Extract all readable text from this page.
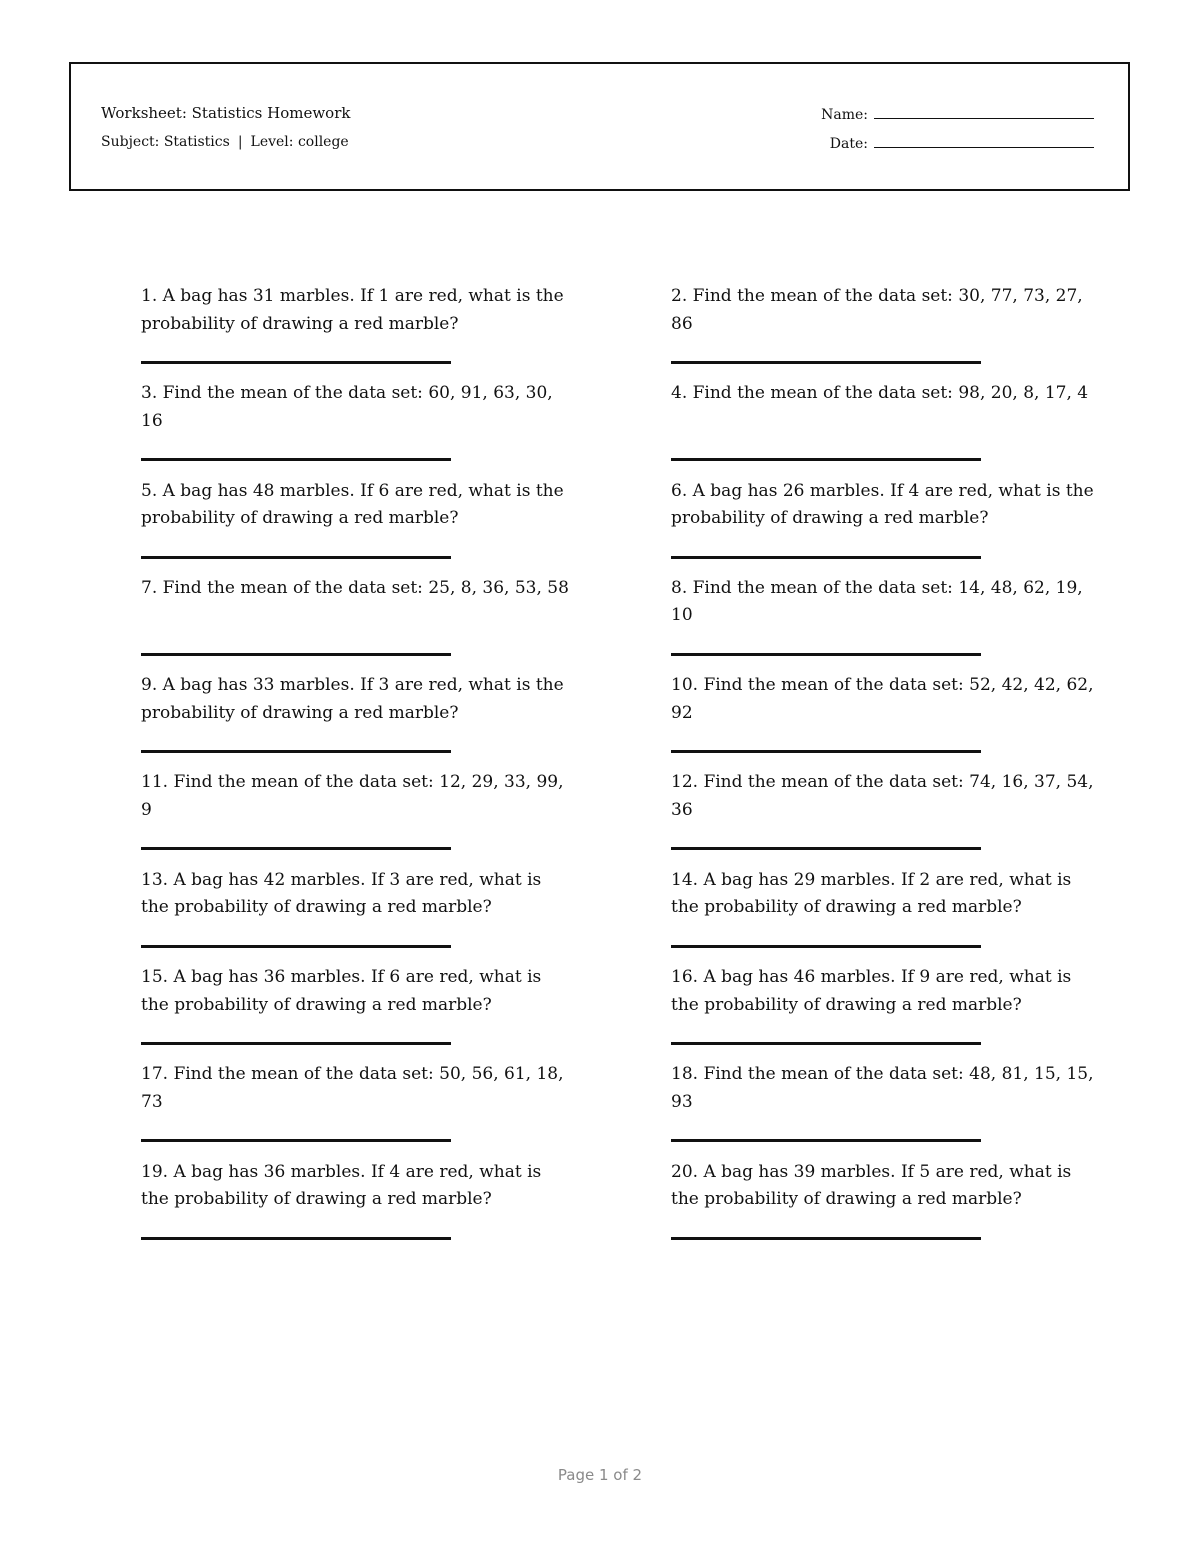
Worksheet: Statistics Homework
Subject: Statistics | Level: college
Name:
Date:
1. A bag has 31 marbles. If 1 are red, what is the probability of drawing a red marble?
2. Find the mean of the data set: 30, 77, 73, 27, 86
3. Find the mean of the data set: 60, 91, 63, 30, 16
4. Find the mean of the data set: 98, 20, 8, 17, 4
5. A bag has 48 marbles. If 6 are red, what is the probability of drawing a red marble?
6. A bag has 26 marbles. If 4 are red, what is the probability of drawing a red marble?
7. Find the mean of the data set: 25, 8, 36, 53, 58	8. Find the mean of the data set: 14, 48, 62, 19, 10
9. A bag has 33 marbles. If 3 are red, what is the probability of drawing a red marble?
10. Find the mean of the data set: 52, 42, 42, 62, 92
11. Find the mean of the data set: 12, 29, 33, 99, 9
12. Find the mean of the data set: 74, 16, 37, 54, 36
13. A bag has 42 marbles. If 3 are red, what is the probability of drawing a red marble?
14. A bag has 29 marbles. If 2 are red, what is the probability of drawing a red marble?
15. A bag has 36 marbles. If 6 are red, what is the probability of drawing a red marble?
16. A bag has 46 marbles. If 9 are red, what is the probability of drawing a red marble?
17. Find the mean of the data set: 50, 56, 61, 18, 73
18. Find the mean of the data set: 48, 81, 15, 15, 93
19. A bag has 36 marbles. If 4 are red, what is the probability of drawing a red marble?
20. A bag has 39 marbles. If 5 are red, what is the probability of drawing a red marble?
Page 1 of 2
